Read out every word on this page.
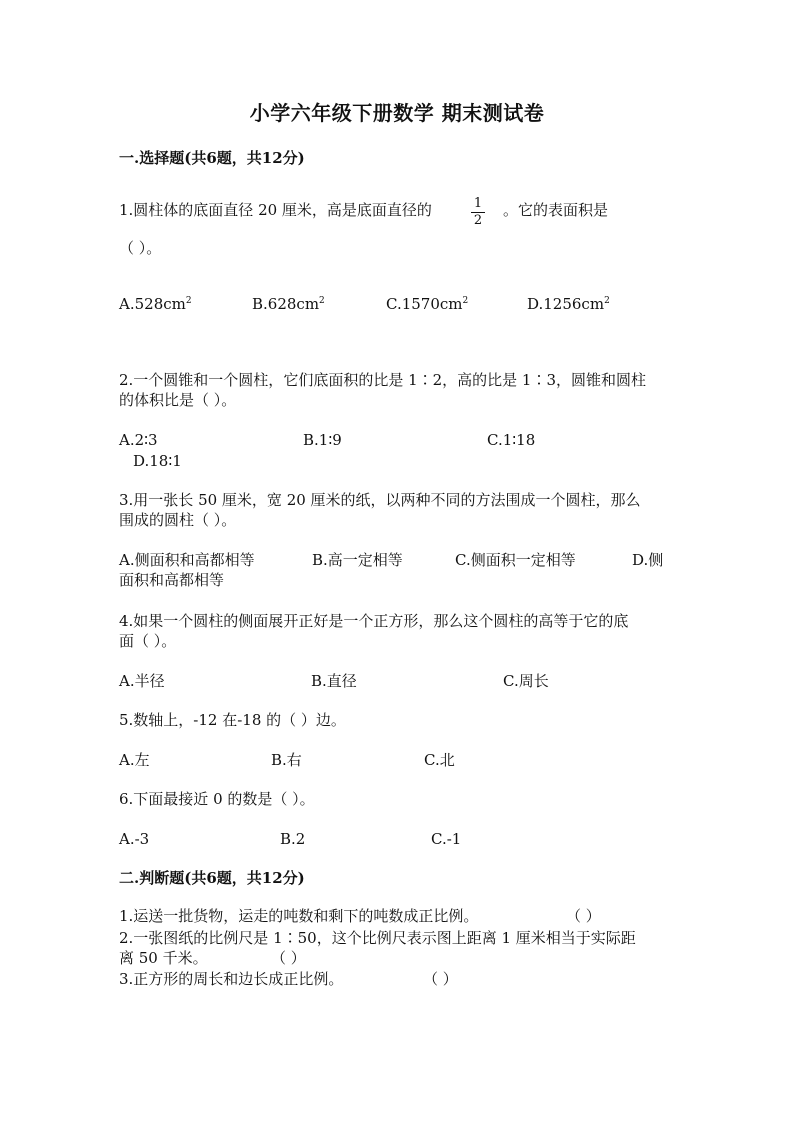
小学六年级下册数学 期末测试卷
一.选择题(共6题，共12分)
1.圆柱体的底面直径 20 厘米，高是底面直径的	1
2
。它的表面积是
（ ）。
$A.528cm^2$	$B.628cm^2$	$C.1570cm^2$	$D.1256cm^2$
2.一个圆锥和一个圆柱，它们底面积的比是 1∶2，高的比是 1∶3，圆锥和圆柱
的体积比是（ ）。
A.2∶3	B.1∶9	C.1∶18
D.18∶1
3.用一张长 50 厘米，宽 20 厘米的纸，以两种不同的方法围成一个圆柱，那么
围成的圆柱（ ）。
A.侧面积和高都相等	B.高一定相等	C.侧面积一定相等	D.侧
面积和高都相等
4.如果一个圆柱的侧面展开正好是一个正方形，那么这个圆柱的高等于它的底
面（ ）。
A.半径	B.直径	C.周长
5.数轴上，-12 在-18 的（ ）边。
A.左	B.右	C.北
6.下面最接近 0 的数是（ ）。
A.-3	B.2	C.-1
二.判断题(共6题，共12分)
1.运送一批货物，运走的吨数和剩下的吨数成正比例。	（ ）
2.一张图纸的比例尺是 1∶50，这个比例尺表示图上距离 1 厘米相当于实际距
离 50 千米。	（ ）
3.正方形的周长和边长成正比例。	（ ）
